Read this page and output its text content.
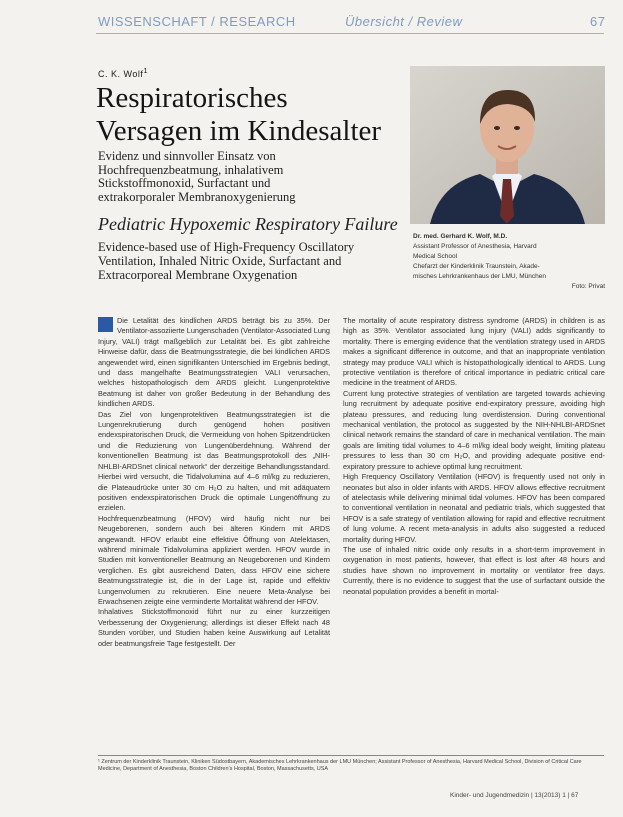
WISSENSCHAFT / RESEARCH	Übersicht / Review	67
C. K. Wolf$^1$
Respiratorisches Versagen im Kindesalter
Evidenz und sinnvoller Einsatz von Hochfrequenzbeatmung, inhalativem Stickstoffmonoxid, Surfactant und extrakorporaler Membranoxygenierung
Pediatric Hypoxemic Respiratory Failure
Evidence-based use of High-Frequency Oscillatory Ventilation, Inhaled Nitric Oxide, Surfactant and Extracorporeal Membrane Oxygenation
Dr. med. Gerhard K. Wolf, M.D.
Assistant Professor of Anesthesia, Harvard
Medical School
Chefarzt der Kinderklinik Traunstein, Akade-
misches Lehrkrankenhaus der LMU, München
Foto: Privat

Die Letalität des kindlichen ARDS beträgt bis zu 35%. Der Ventilator-assoziierte Lungenschaden (Ventilator-Associated Lung Injury, VALI) trägt maßgeblich zur Letalität bei. Es gibt zahlreiche Hinweise dafür, dass die Beatmungsstrategie, die bei kindlichen ARDS angewendet wird, einen signifikanten Unterschied im Ergebnis bedingt, und dass mangelhafte Beatmungsstrategien VALI verursachen, welches histopathologisch dem ARDS gleicht. Lungenprotektive Beatmung ist daher von großer Bedeutung in der Behandlung des kindlichen ARDS.

Das Ziel von lungenprotektiven Beatmungsstrategien ist die Lungenrekrutierung durch genügend hohen positiven endexspiratorischen Druck, die Vermeidung von hohen Spitzendrücken und die Reduzierung von Lungenüberdehnung. Während der konventionellen Beatmung ist das Beatmungsprotokoll des „NIH-NHLBI-ARDSnet clinical network“ der derzeitige Behandlungsstandard. Hierbei wird versucht, die Tidalvolumina auf 4–6 ml/kg zu reduzieren, die Plateaudrücke unter 30 cm H₂O zu halten, und mit adäquatem positiven endexspiratorischen Druck die optimale Lungenöffnung zu erzielen.

Hochfrequenzbeatmung (HFOV) wird häufig nicht nur bei Neugeborenen, sondern auch bei älteren Kindern mit ARDS angewandt. HFOV erlaubt eine effektive Öffnung von Atelektasen, während minimale Tidalvolumina appliziert werden. HFOV wurde in Studien mit konventioneller Beatmung an Neugeborenen und Kindern verglichen. Es gibt ausreichend Daten, dass HFOV eine sichere Beatmungsstrategie ist, die in der Lage ist, rapide und effektiv Lungenvolumen zu rekrutieren. Eine neuere Meta-Analyse bei Erwachsenen zeigte eine verminderte Mortalität während der HFOV.

Inhalatives Stickstoffmonoxid führt nur zu einer kurzzeitigen Verbesserung der Oxygenierung; allerdings ist dieser Effekt nach 48 Stunden vorüber, und Studien haben keine Auswirkung auf Letalität oder beatmungsfreie Tage festgestellt. Der

The mortality of acute respiratory distress syndrome (ARDS) in children is as high as 35%. Ventilator associated lung injury (VALI) adds significantly to mortality. There is emerging evidence that the ventilation strategy used in ARDS makes a significant difference in outcome, and that an inappropriate ventilation strategy may produce VALI which is histopathologically identical to ARDS. Lung protective ventilation is therefore of critical importance in pediatric critical care medicine in the treatment of ARDS.

Current lung protective strategies of ventilation are targeted towards achieving lung recruitment by adequate positive end-expiratory pressure, avoiding high plateau pressures, and reducing lung overdistension. During conventional mechanical ventilation, the protocol as suggested by the NIH-NHLBI-ARDSnet clinical network remains the standard of care in mechanical ventilation. The main goals are limiting tidal volumes to 4–6 ml/kg ideal body weight, limiting plateau pressures to less than 30 cm H₂O, and providing adequate positive end-expiratory pressure to achieve optimal lung recruitment.

High Frequency Oscillatory Ventilation (HFOV) is frequently used not only in neonates but also in older infants with ARDS. HFOV allows effective recruitment of atelectasis while delivering minimal tidal volumes. HFOV has been compared to conventional ventilation in neonatal and pediatric trials, which suggested that HFOV is a safe strategy of ventilation allowing for rapid and effective recruitment of lung volume. A recent meta-analysis in adults also suggested a reduced mortality during HFOV.

The use of inhaled nitric oxide only results in a short-term improvement in oxygenation in most patients, however, that effect is lost after 48 hours and studies have shown no improvement in mortality or ventilator free days. Currently, there is no evidence to suggest that the use of surfactant outside the neonatal population provides a benefit in mortal-

¹ Zentrum der Kinderklinik Traunstein, Kliniken Südostbayern, Akademisches Lehrkrankenhaus der LMU München; Assistant Professor of Anesthesia, Harvard Medical School, Division of Critical Care Medicine, Department of Anesthesia, Boston Children’s Hospital, Boston, Massachusetts, USA
Kinder- und Jugendmedizin | 13(2013) 1 | 67
